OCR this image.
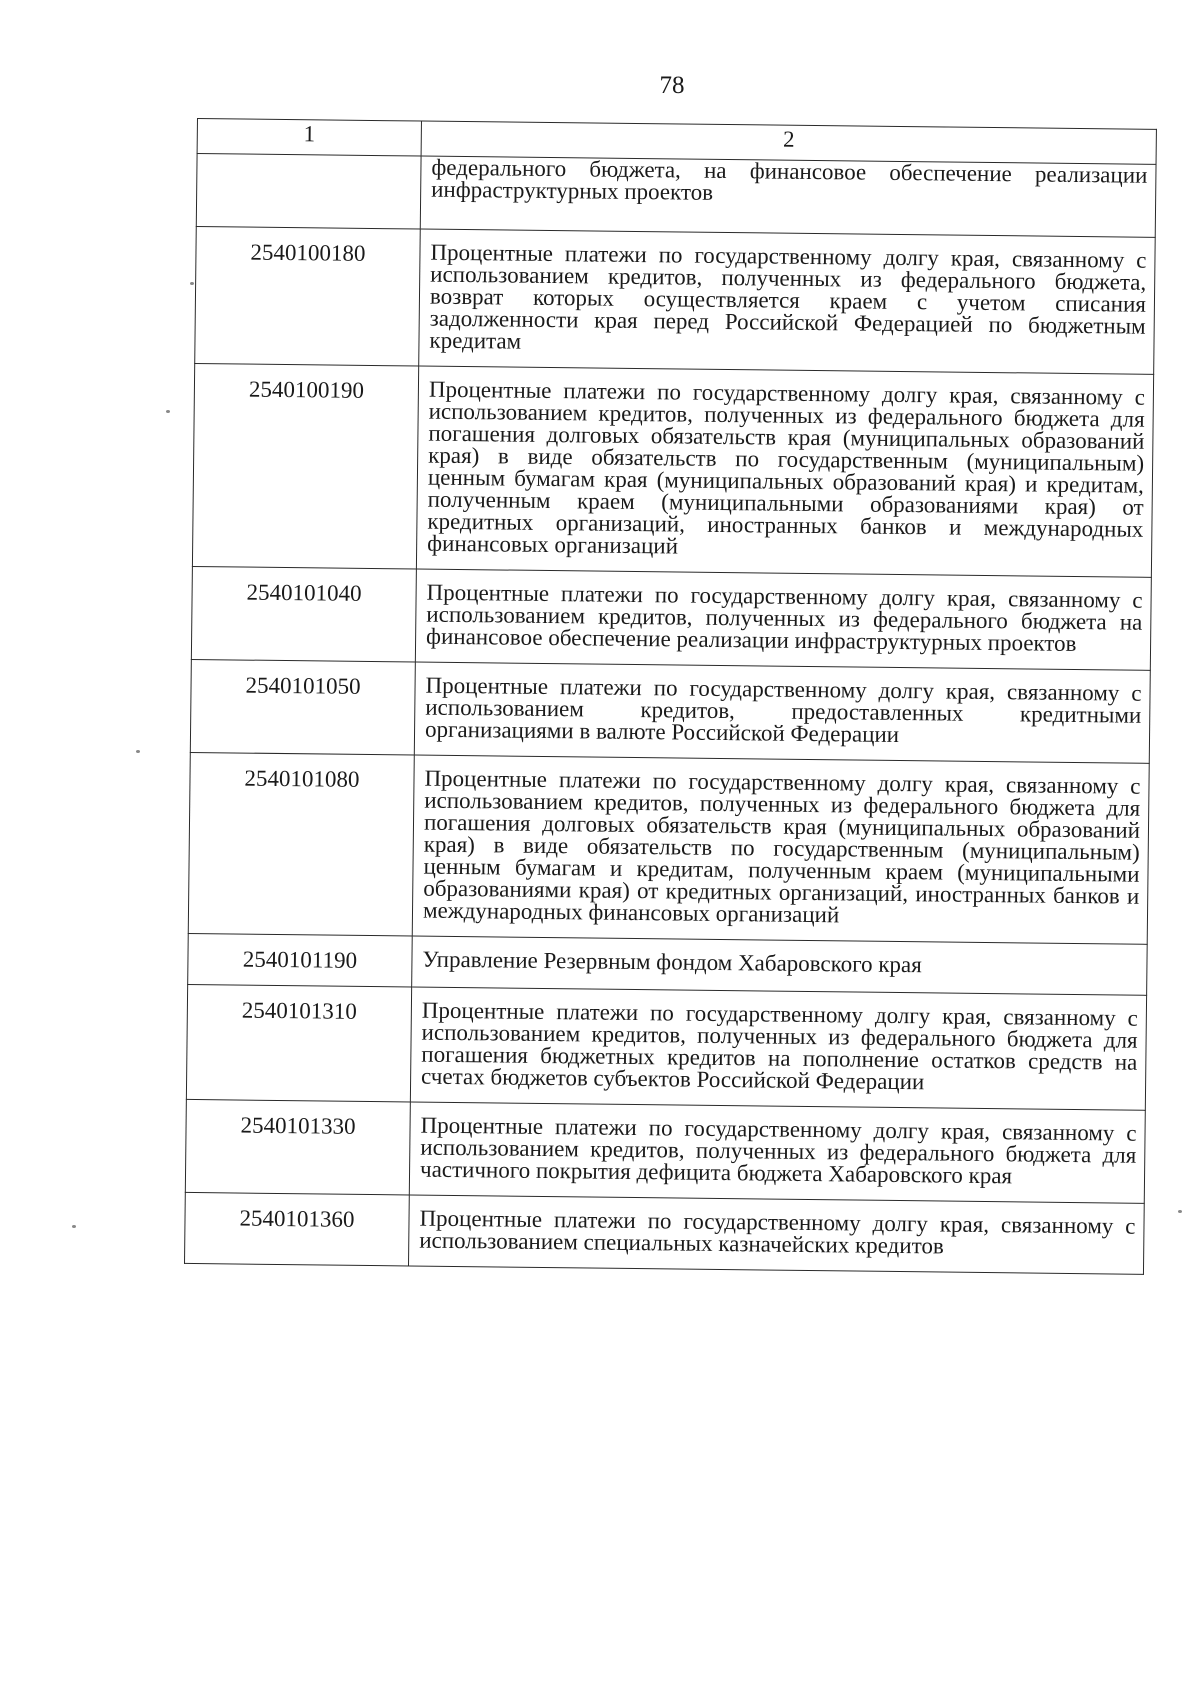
78
1	2
	федерального бюджета, на финансовое обеспечение реализации инфраструктурных проектов
2540100180	Процентные платежи по государственному долгу края, связанному с использованием кредитов, полученных из федерального бюджета, возврат которых осуществляется краем с учетом списания задолженности края перед Российской Федерацией по бюджетным кредитам
2540100190	Процентные платежи по государственному долгу края, связанному с использованием кредитов, полученных из федерального бюджета для погашения долговых обязательств края (муниципальных образований края) в виде обязательств по государственным (муниципальным) ценным бумагам края (муниципальных образований края) и кредитам, полученным краем (муниципальными образованиями края) от кредитных организаций, иностранных банков и международных финансовых организаций
2540101040	Процентные платежи по государственному долгу края, связанному с использованием кредитов, полученных из федерального бюджета на финансовое обеспечение реализации инфраструктурных проектов
2540101050	Процентные платежи по государственному долгу края, связанному с использованием кредитов, предоставленных кредитными организациями в валюте Российской Федерации
2540101080	Процентные платежи по государственному долгу края, связанному с использованием кредитов, полученных из федерального бюджета для погашения долговых обязательств края (муниципальных образований края) в виде обязательств по государственным (муниципальным) ценным бумагам и кредитам, полученным краем (муниципальными образованиями края) от кредитных организаций, иностранных банков и международных финансовых организаций
2540101190	Управление Резервным фондом Хабаровского края
2540101310	Процентные платежи по государственному долгу края, связанному с использованием кредитов, полученных из федерального бюджета для погашения бюджетных кредитов на пополнение остатков средств на счетах бюджетов субъектов Российской Федерации
2540101330	Процентные платежи по государственному долгу края, связанному с использованием кредитов, полученных из федерального бюджета для частичного покрытия дефицита бюджета Хабаровского края
2540101360	Процентные платежи по государственному долгу края, связанному с использованием специальных казначейских кредитов
